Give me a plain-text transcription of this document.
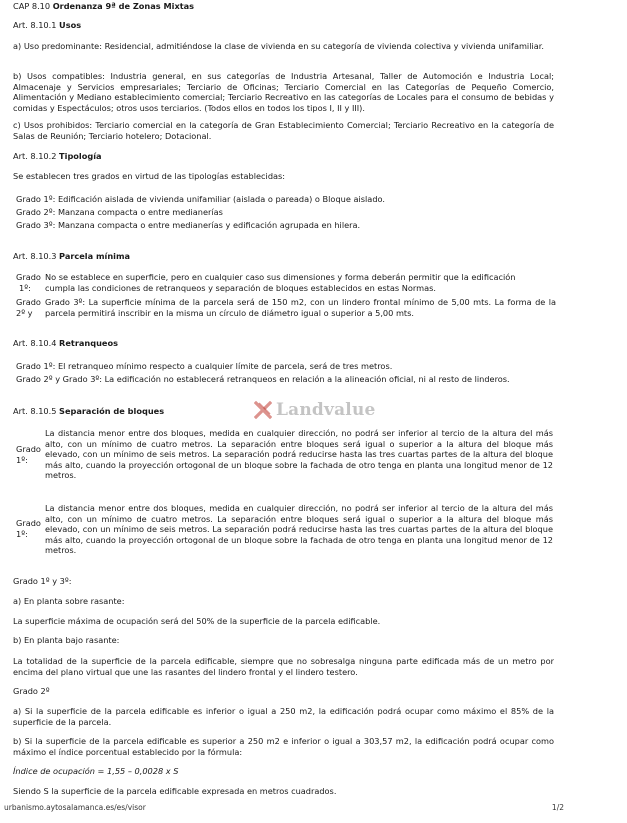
CAP 8.10 Ordenanza 9ª de Zonas Mixtas

Art. 8.10.1 Usos

a) Uso predominante: Residencial, admitiéndose la clase de vivienda en su categoría de vivienda colectiva y vivienda unifamiliar.

b) Usos compatibles: Industria general, en sus categorías de Industria Artesanal, Taller de Automoción e Industria Local; Almacenaje y Servicios empresariales; Terciario de Oficinas; Terciario Comercial en las Categorías de Pequeño Comercio, Alimentación y Mediano establecimiento comercial; Terciario Recreativo en las categorías de Locales para el consumo de bebidas y comidas y Espectáculos; otros usos terciarios. (Todos ellos en todos los tipos I, II y III).

c) Usos prohibidos: Terciario comercial en la categoría de Gran Establecimiento Comercial; Terciario Recreativo en la categoría de Salas de Reunión; Terciario hotelero; Dotacional.

Art. 8.10.2 Tipología

Se establecen tres grados en virtud de las tipologías establecidas:

Grado 1º: Edificación aislada de vivienda unifamiliar (aislada o pareada) o Bloque aislado.

Grado 2º: Manzana compacta o entre medianerías

Grado 3º: Manzana compacta o entre medianerías y edificación agrupada en hilera.

Art. 8.10.3 Parcela mínima

Grado
1º:
No se establece en superficie, pero en cualquier caso sus dimensiones y forma deberán permitir que la edificación cumpla las condiciones de retranqueos y separación de bloques establecidos en estas Normas.
Grado
2º y
Grado 3º: La superficie mínima de la parcela será de 150 m2, con un lindero frontal mínimo de 5,00 mts. La forma de la parcela permitirá inscribir en la misma un círculo de diámetro igual o superior a 5,00 mts.

Art. 8.10.4 Retranqueos

Grado 1º: El retranqueo mínimo respecto a cualquier límite de parcela, será de tres metros.

Grado 2º y Grado 3º: La edificación no establecerá retranqueos en relación a la alineación oficial, ni al resto de linderos.

Art. 8.10.5 Separación de bloques

Grado
1º:
La distancia menor entre dos bloques, medida en cualquier dirección, no podrá ser inferior al tercio de la altura del más alto, con un mínimo de cuatro metros. La separación entre bloques será igual o superior a la altura del bloque más elevado, con un mínimo de seis metros. La separación podrá reducirse hasta las tres cuartas partes de la altura del bloque más alto, cuando la proyección ortogonal de un bloque sobre la fachada de otro tenga en planta una longitud menor de 12 metros.
Grado
1º:
La distancia menor entre dos bloques, medida en cualquier dirección, no podrá ser inferior al tercio de la altura del más alto, con un mínimo de cuatro metros. La separación entre bloques será igual o superior a la altura del bloque más elevado, con un mínimo de seis metros. La separación podrá reducirse hasta las tres cuartas partes de la altura del bloque más alto, cuando la proyección ortogonal de un bloque sobre la fachada de otro tenga en planta una longitud menor de 12 metros.

Grado 1º y 3º:

a) En planta sobre rasante:

La superficie máxima de ocupación será del 50% de la superficie de la parcela edificable.

b) En planta bajo rasante:

La totalidad de la superficie de la parcela edificable, siempre que no sobresalga ninguna parte edificada más de un metro por encima del plano virtual que une las rasantes del lindero frontal y el lindero testero.

Grado 2º

a) Si la superficie de la parcela edificable es inferior o igual a 250 m2, la edificación podrá ocupar como máximo el 85% de la superficie de la parcela.

b) Si la superficie de la parcela edificable es superior a 250 m2 e inferior o igual a 303,57 m2, la edificación podrá ocupar como máximo el índice porcentual establecido por la fórmula:

Índice de ocupación = 1,55 – 0,0028 x S

Siendo S la superficie de la parcela edificable expresada en metros cuadrados.

Landvalue
urbanismo.aytosalamanca.es/es/visor	1/2
